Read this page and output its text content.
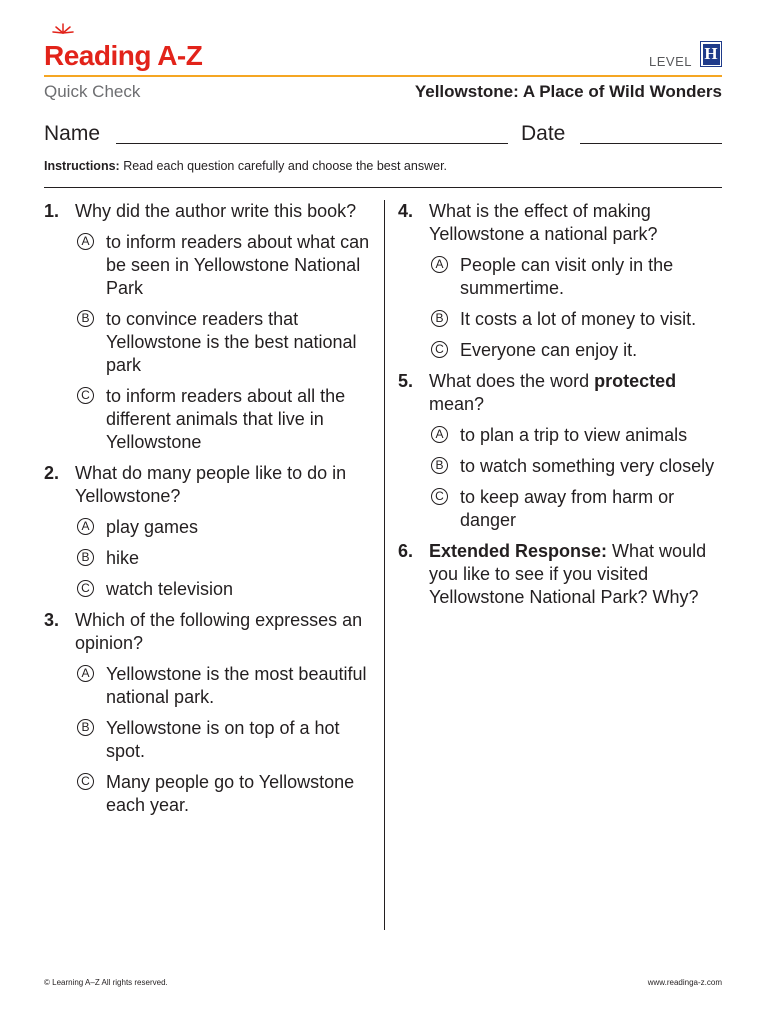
Reading A-Z	LEVEL H
Quick Check	Yellowstone: A Place of Wild Wonders
Name	Date
Instructions: Read each question carefully and choose the best answer.
1. Why did the author write this book?
A to inform readers about what can be seen in Yellowstone National Park
B to convince readers that Yellowstone is the best national park
C to inform readers about all the different animals that live in Yellowstone
2. What do many people like to do in Yellowstone?
A play games
B hike
C watch television
3. Which of the following expresses an opinion?
A Yellowstone is the most beautiful national park.
B Yellowstone is on top of a hot spot.
C Many people go to Yellowstone each year.
4. What is the effect of making Yellowstone a national park?
A People can visit only in the summertime.
B It costs a lot of money to visit.
C Everyone can enjoy it.
5. What does the word protected mean?
A to plan a trip to view animals
B to watch something very closely
C to keep away from harm or danger
6. Extended Response: What would you like to see if you visited Yellowstone National Park? Why?
© Learning A–Z All rights reserved.	www.readinga-z.com
